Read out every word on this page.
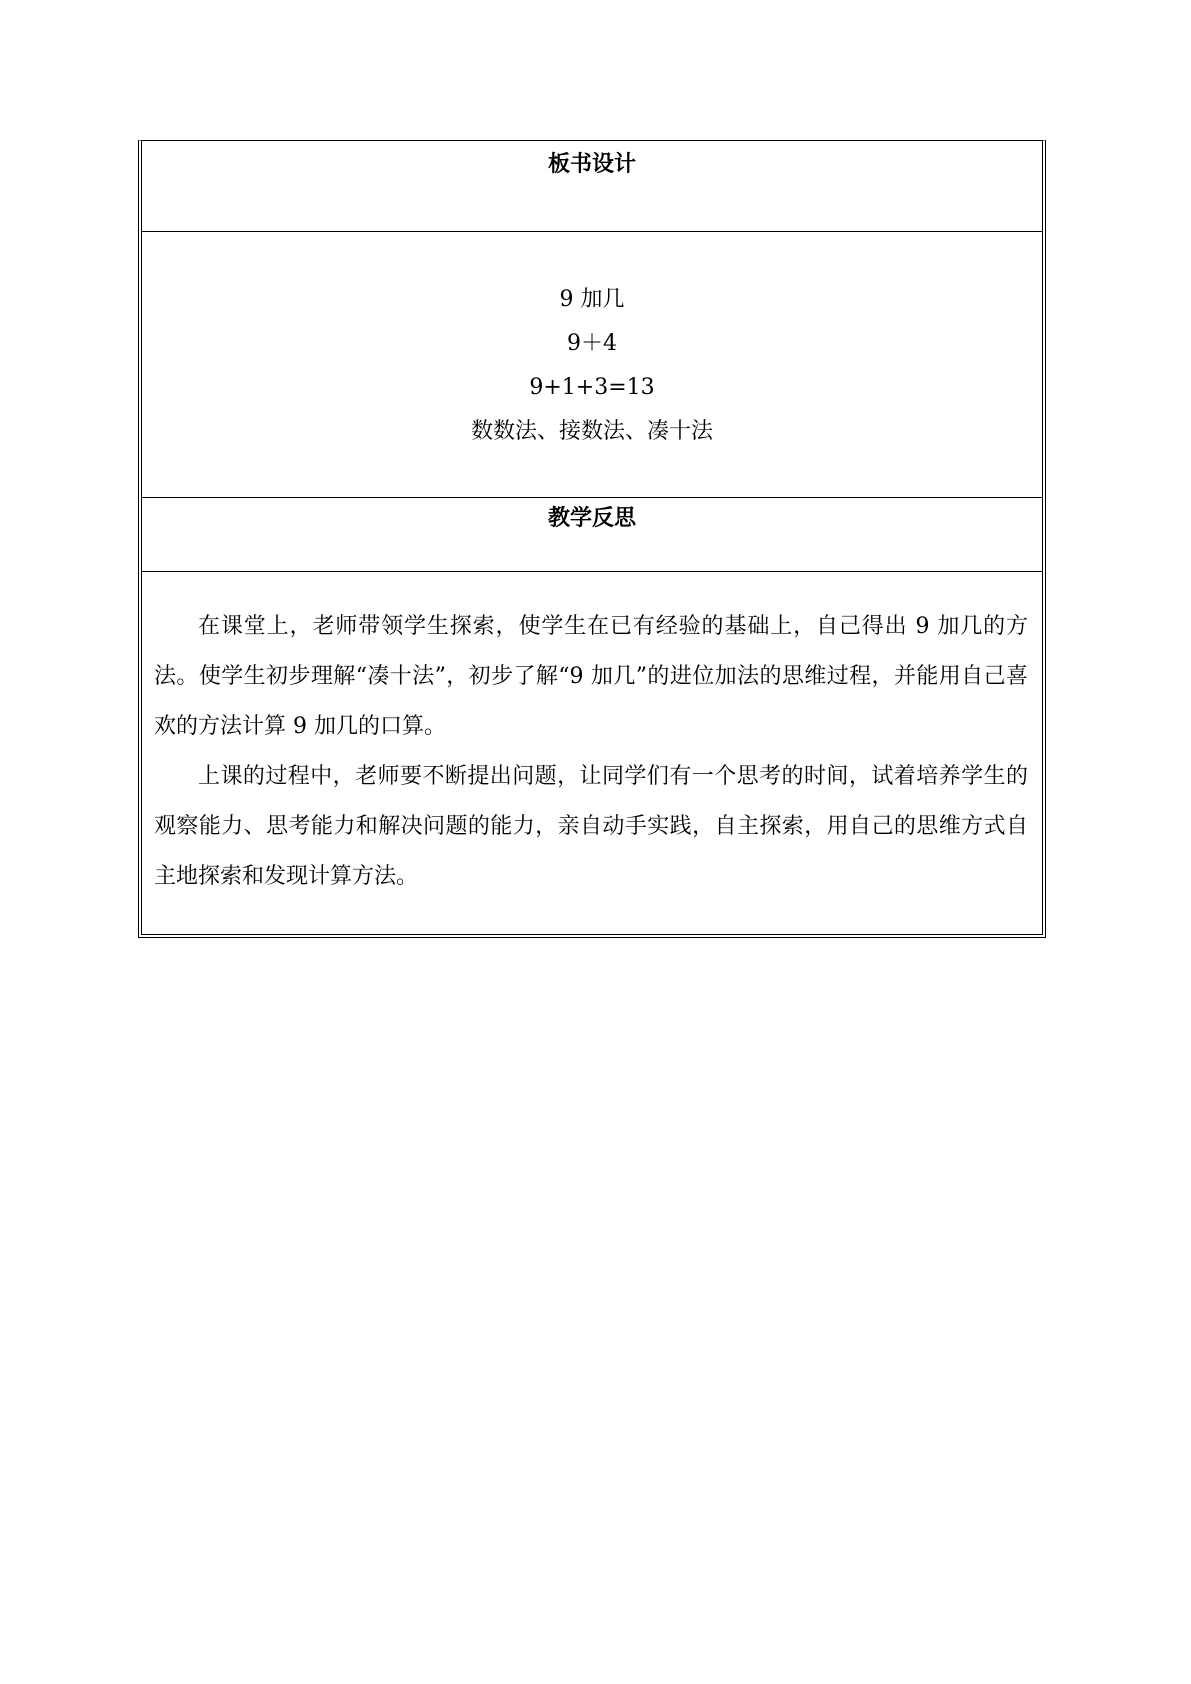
板书设计
9 加几
9＋4
9+1+3=13
数数法、接数法、凑十法
教学反思

在课堂上，老师带领学生探索，使学生在已有经验的基础上，自己得出 9 加几的方法。使学生初步理解“凑十法”，初步了解“9 加几”的进位加法的思维过程，并能用自己喜欢的方法计算 9 加几的口算。

上课的过程中，老师要不断提出问题，让同学们有一个思考的时间，试着培养学生的观察能力、思考能力和解决问题的能力，亲自动手实践，自主探索，用自己的思维方式自主地探索和发现计算方法。
